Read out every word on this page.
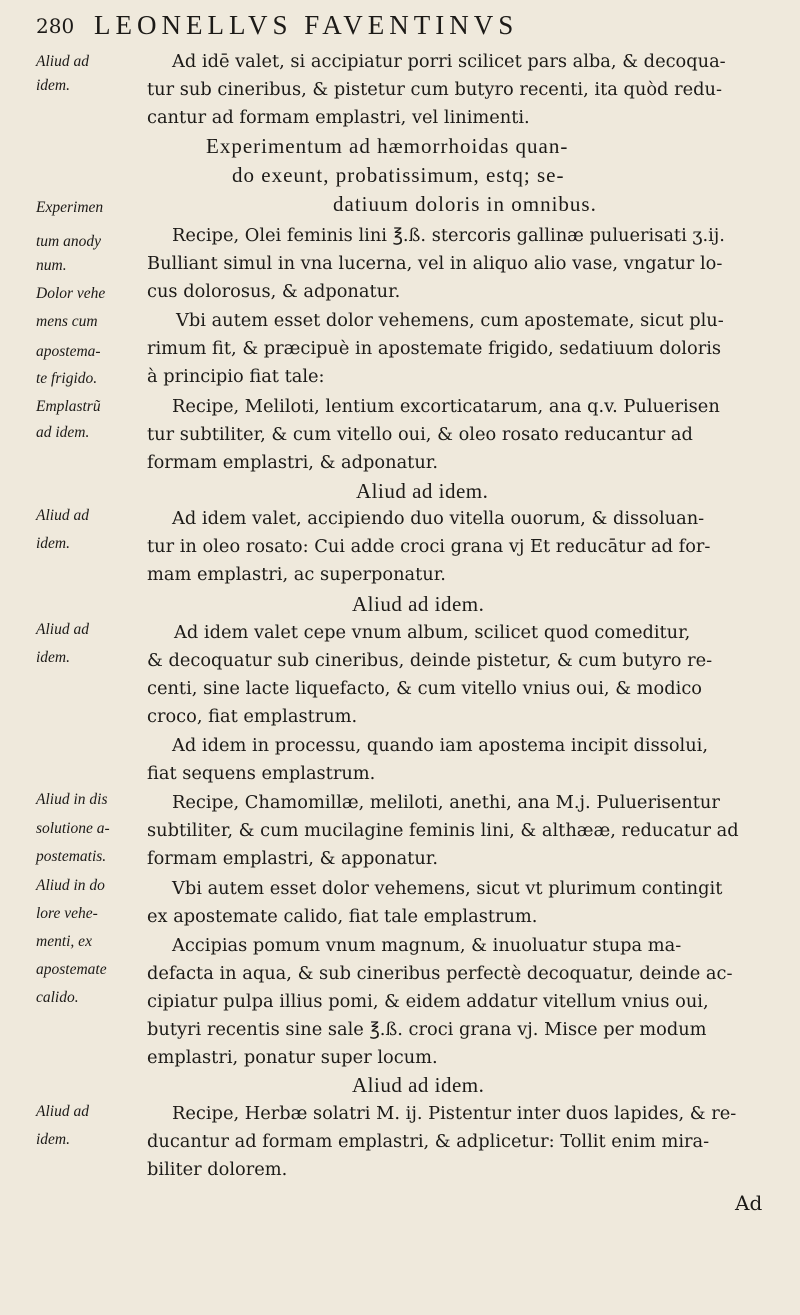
280 LEONELLVS FAVENTINVS
Aliud ad
idem.
Experimen
tum anody
num.
Dolor vehe
mens cum
apostema-
te frigido.
Emplastrũ
ad idem.
Aliud ad
idem.
Aliud ad
idem.
Aliud in dis
solutione a-
postematis.
Aliud in do
lore vehe-
menti, ex
apostemate
calido.
Aliud ad
idem.
Ad idē valet, si accipiatur porri scilicet pars alba, & decoqua-
tur sub cineribus, & pistetur cum butyro recenti, ita quòd redu-
cantur ad formam emplastri, vel linimenti.
Experimentum ad hæmorrhoidas quan-
do exeunt, probatissimum, estq; se-
datiuum doloris in omnibus.
Recipe, Olei feminis lini ℥.ß. stercoris gallinæ puluerisati ʒ.ij.
Bulliant simul in vna lucerna, vel in aliquo alio vase, vngatur lo-
cus dolorosus, & adponatur.
Vbi autem esset dolor vehemens, cum apostemate, sicut plu-
rimum fit, & præcipuè in apostemate frigido, sedatiuum doloris
à principio fiat tale:
Recipe, Meliloti, lentium excorticatarum, ana q.v. Puluerisen
tur subtiliter, & cum vitello oui, & oleo rosato reducantur ad
formam emplastri, & adponatur.
Aliud ad idem.
Ad idem valet, accipiendo duo vitella ouorum, & dissoluan-
tur in oleo rosato: Cui adde croci grana vj Et reducātur ad for-
mam emplastri, ac superponatur.
Aliud ad idem.
Ad idem valet cepe vnum album, scilicet quod comeditur,
& decoquatur sub cineribus, deinde pistetur, & cum butyro re-
centi, sine lacte liquefacto, & cum vitello vnius oui, & modico
croco, fiat emplastrum.
Ad idem in processu, quando iam apostema incipit dissolui,
fiat sequens emplastrum.
Recipe, Chamomillæ, meliloti, anethi, ana M.j. Puluerisentur
subtiliter, & cum mucilagine feminis lini, & althææ, reducatur ad
formam emplastri, & apponatur.
Vbi autem esset dolor vehemens, sicut vt plurimum contingit
ex apostemate calido, fiat tale emplastrum.
Accipias pomum vnum magnum, & inuoluatur stupa ma-
defacta in aqua, & sub cineribus perfectè decoquatur, deinde ac-
cipiatur pulpa illius pomi, & eidem addatur vitellum vnius oui,
butyri recentis sine sale ℥.ß. croci grana vj. Misce per modum
emplastri, ponatur super locum.
Aliud ad idem.
Recipe, Herbæ solatri M. ij. Pistentur inter duos lapides, & re-
ducantur ad formam emplastri, & adplicetur: Tollit enim mira-
biliter dolorem.
Ad
